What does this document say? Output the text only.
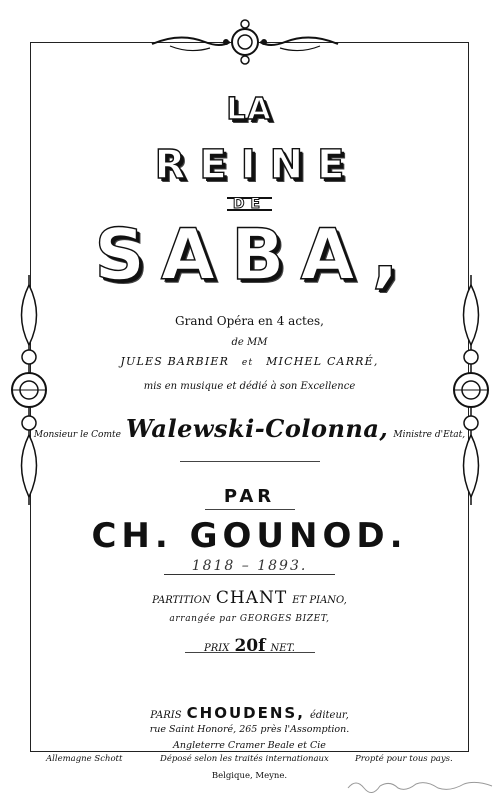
LA
REINE
DE
SABA,
Grand Opéra en 4 actes,
de MM
JULES BARBIER et MICHEL CARRÉ,
mis en musique et dédié à son Excellence
Monsieur le Comte Walewski-Colonna, Ministre d'Etat,
PAR
CH. GOUNOD.
1818 – 1893.
PARTITION CHANT ET PIANO,
arrangée par GEORGES BIZET,
PRIX 20f NET.
PARIS CHOUDENS, éditeur,
rue Saint Honoré, 265 près l'Assomption.
Angleterre Cramer Beale et Cie
Allemagne Schott	Déposé selon les traités internationaux	Propté pour tous pays.
Belgique, Meyne.
